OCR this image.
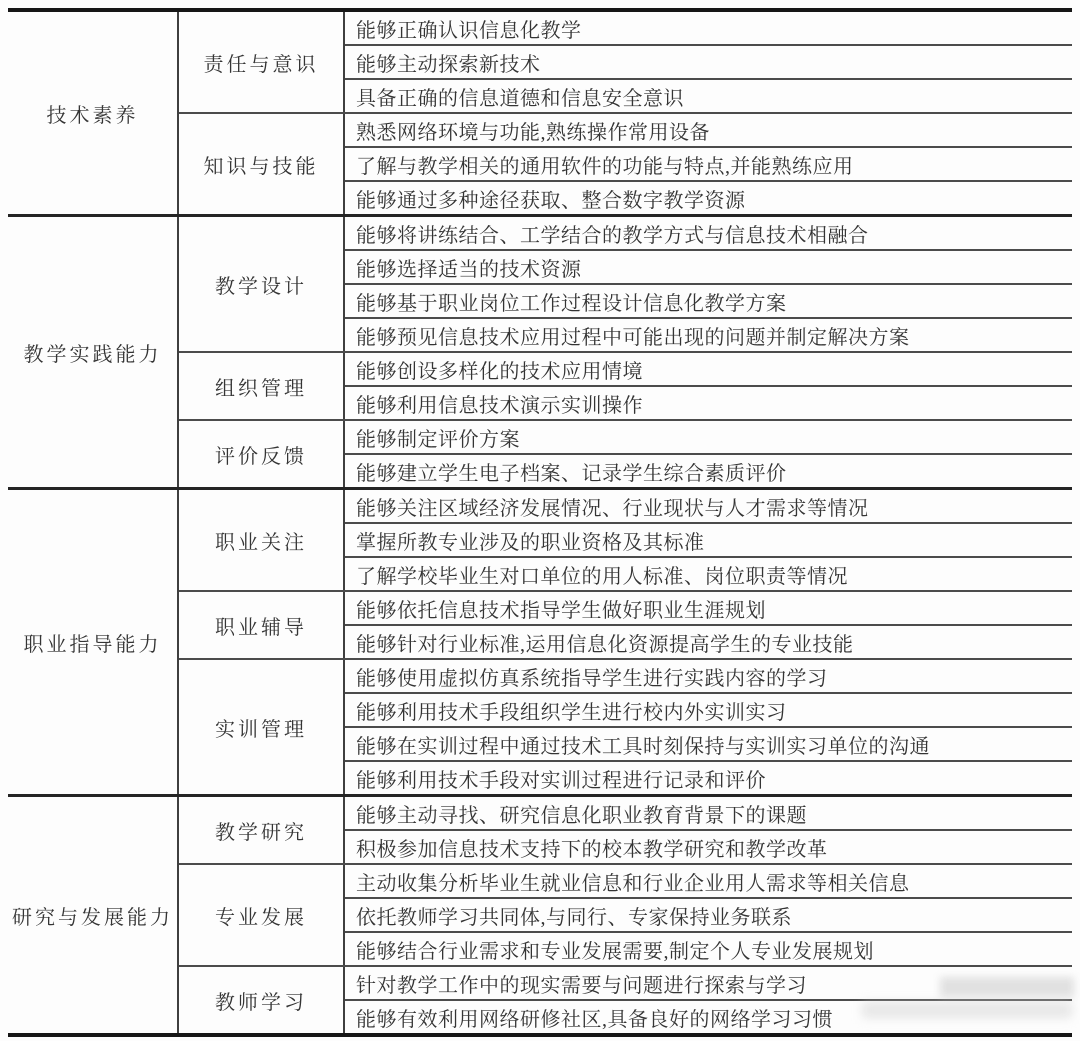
技术素养	责任与意识	能够正确认识信息化教学
		能够主动探索新技术
		具备正确的信息道德和信息安全意识
	知识与技能	熟悉网络环境与功能,熟练操作常用设备
		了解与教学相关的通用软件的功能与特点,并能熟练应用
		能够通过多种途径获取、整合数字教学资源
教学实践能力	教学设计	能够将讲练结合、工学结合的教学方式与信息技术相融合
		能够选择适当的技术资源
		能够基于职业岗位工作过程设计信息化教学方案
		能够预见信息技术应用过程中可能出现的问题并制定解决方案
	组织管理	能够创设多样化的技术应用情境
		能够利用信息技术演示实训操作
	评价反馈	能够制定评价方案
		能够建立学生电子档案、记录学生综合素质评价
职业指导能力	职业关注	能够关注区域经济发展情况、行业现状与人才需求等情况
		掌握所教专业涉及的职业资格及其标准
		了解学校毕业生对口单位的用人标准、岗位职责等情况
	职业辅导	能够依托信息技术指导学生做好职业生涯规划
		能够针对行业标准,运用信息化资源提高学生的专业技能
	实训管理	能够使用虚拟仿真系统指导学生进行实践内容的学习
		能够利用技术手段组织学生进行校内外实训实习
		能够在实训过程中通过技术工具时刻保持与实训实习单位的沟通
		能够利用技术手段对实训过程进行记录和评价
研究与发展能力	教学研究	能够主动寻找、研究信息化职业教育背景下的课题
		积极参加信息技术支持下的校本教学研究和教学改革
	专业发展	主动收集分析毕业生就业信息和行业企业用人需求等相关信息
		依托教师学习共同体,与同行、专家保持业务联系
		能够结合行业需求和专业发展需要,制定个人专业发展规划
	教师学习	针对教学工作中的现实需要与问题进行探索与学习
		能够有效利用网络研修社区,具备良好的网络学习习惯
